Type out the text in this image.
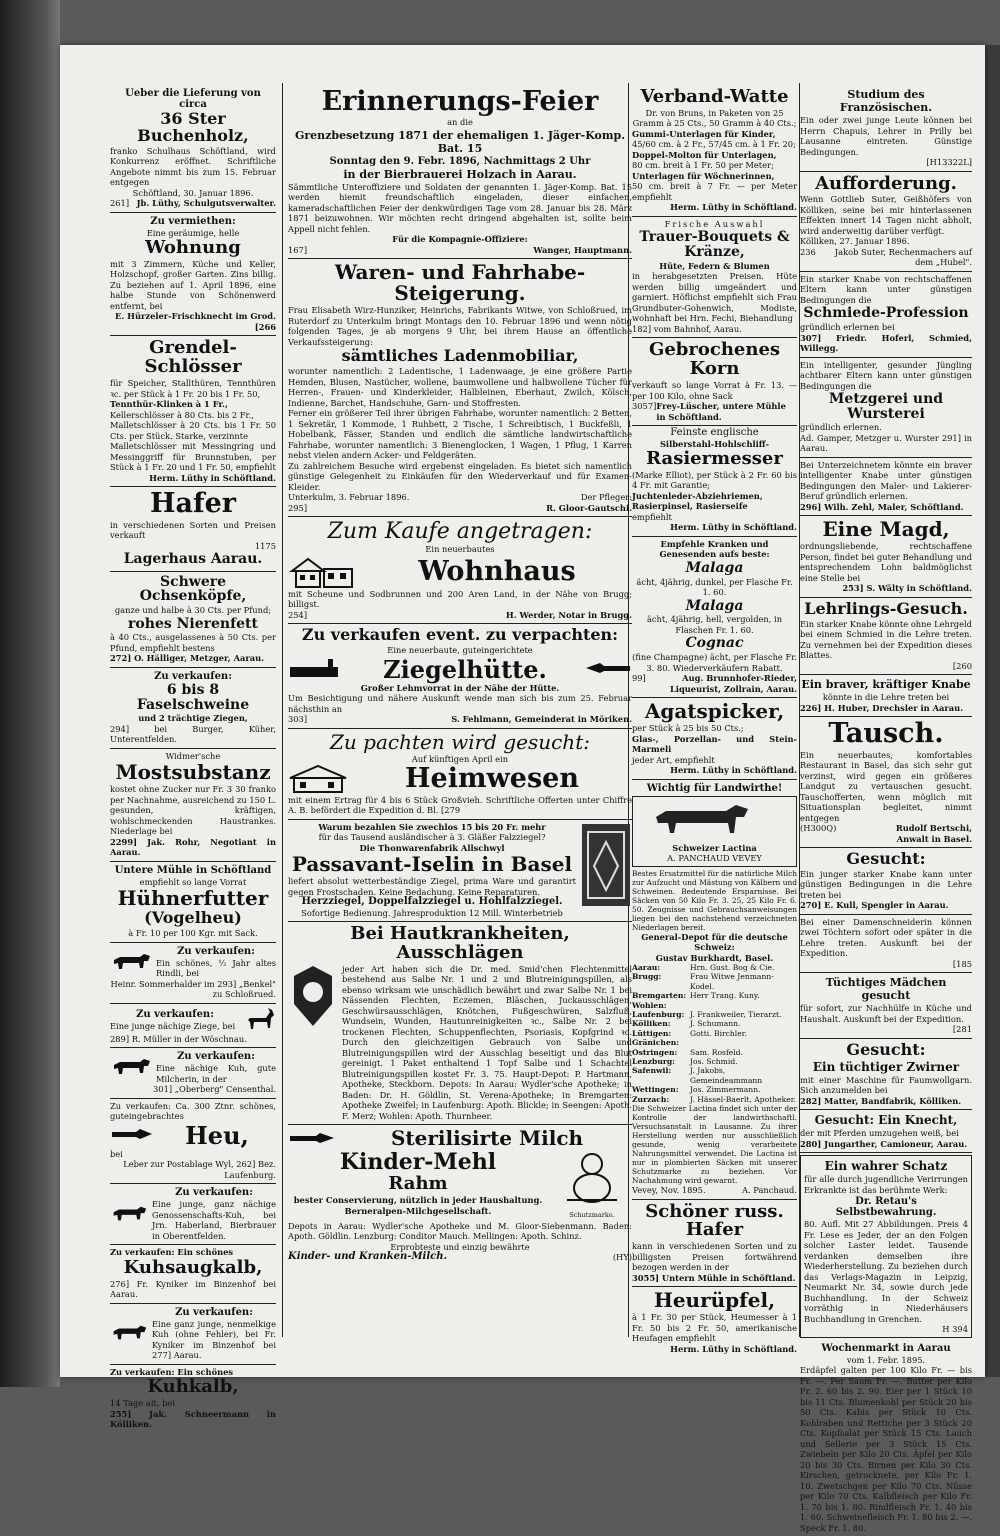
Ueber die Lieferung von circa

36 Ster Buchenholz,

franko Schulhaus Schöftland, wird Konkurrenz eröffnet. Schriftliche Angebote nimmt bis zum 15. Februar entgegen

Schöftland, 30. Januar 1896.

261] Jb. Lüthy, Schulgutsverwalter.

Zu vermiethen:

Eine geräumige, helle

Wohnung

mit 3 Zimmern, Küche und Keller, Holzschopf, großer Garten. Zins billig. Zu beziehen auf 1. April 1896, eine halbe Stunde von Schönenwerd entfernt, bei

E. Hürzeler-Frischknecht im Grod. [266

Grendel-Schlösser

für Speicher, Stallthüren, Tennthüren ꝛc. per Stück à 1 Fr. 20 bis 1 Fr. 50,

Tennthür-Klinken à 1 Fr.,

Kellerschlösser à 80 Cts. bis 2 Fr.,

Malletschlösser à 20 Cts. bis 1 Fr. 50 Cts. per Stück. Starke, verzinnte

Malletschlösser mit Messingring und Messinggriff für Brunnstuben, per Stück à 1 Fr. 20 und 1 Fr. 50, empfiehlt

Herm. Lüthy in Schöftland.

Hafer

in verschiedenen Sorten und Preisen verkauft

1175

Lagerhaus Aarau.

Schwere Ochsenköpfe,

ganze und halbe à 30 Cts. per Pfund;

rohes Nierenfett

à 40 Cts., ausgelassenes à 50 Cts. per Pfund, empfiehlt bestens

272] O. Hälliger, Metzger, Aarau.

Zu verkaufen:

6 bis 8 Faselschweine

und 2 trächtige Ziegen,

294] bei Burger, Küher, Unterentfelden.

Widmer'sche

Mostsubstanz

kostet ohne Zucker nur Fr. 3 30 franko per Nachnahme, ausreichend zu 150 L. gesunden, kräftigen, wohlschmeckenden Haustrankes. Niederlage bei

2299] Jak. Rohr, Negotiant in Aarau.

Untere Mühle in Schöftland

empfiehlt so lange Vorrat

Hühnerfutter

(Vogelheu)

à Fr. 10 per 100 Kgr. mit Sack.

Zu verkaufen:

Ein schönes, ½ Jahr altes Rindli, bei

Heinr. Sommerhalder im 293] „Benkel" zu Schloßrued.

Zu verkaufen:

Eine junge nächige Ziege, bei

289] R. Müller in der Wöschnau.

Zu verkaufen:

Eine nächige Kuh, gute Milcherin, in der

301] „Oberberg" Censenthal.

Zu verkaufen: Ca. 300 Ztnr. schönes, guteingebrachtes

Heu,

bei

Leber zur Postablage Wyl, 262] Bez. Laufenburg.

Zu verkaufen:

Eine junge, ganz nächige Genossenschafts-Kuh, bei Jrn. Haberland, Bierbrauer in Oberentfelden.

Zu verkaufen: Ein schönes

Kuhsaugkalb,

276] Fr. Kyniker im Binzenhof bei Aarau.

Zu verkaufen:

Eine ganz junge, nenmelkige Kuh (ohne Fehler), bei Fr. Kyniker im Binzenhof bei 277] Aarau.

Zu verkaufen: Ein schönes

Kuhkalb,

14 Tage alt, bei

255] Jak. Schneermann in Kölliken.

Erinnerungs-Feier

an die

Grenzbesetzung 1871 der ehemaligen 1. Jäger-Komp. Bat. 15

Sonntag den 9. Febr. 1896, Nachmittags 2 Uhr

in der Bierbrauerei Holzach in Aarau.

Sämmtliche Unteroffiziere und Soldaten der genannten 1. Jäger-Komp. Bat. 15 werden hiemit freundschaftlich eingeladen, dieser einfachen, kameradschaftlichen Feier der denkwürdigen Tage vom 28. Januar bis 28. März 1871 beizuwohnen. Wir möchten recht dringend abgehalten ist, sollte beim Appell nicht fehlen.

Für die Kompagnie-Offiziere:

167]	Wanger, Hauptmann.

Waren- und Fahrhabe-Steigerung.

Frau Elisabeth Wirz-Hunziker, Heinrichs, Fabrikants Witwe, von Schloßrued, im Ruterdorf zu Unterkulm bringt Montags den 10. Februar 1896 und wenn nötig folgenden Tages, je ab morgens 9 Uhr, bei ihrem Hause an öffentliche Verkaufssteigerung:

sämtliches Ladenmobiliar,

worunter namentlich: 2 Ladentische, 1 Ladenwaage, je eine größere Partie Hemden, Blusen, Nastücher, wollene, baumwollene und halbwollene Tücher für Herren-, Frauen- und Kinderkleider, Halbleinen, Eberhaut, Zwilch, Kölsch, Indienne, Barchet, Handschuhe, Garn- und Stoffresten.

Ferner ein größerer Teil ihrer übrigen Fahrhabe, worunter namentlich: 2 Betten, 1 Sekretär, 1 Kommode, 1 Ruhbett, 2 Tische, 1 Schreibtisch, 1 Buckfeßli, 1 Hobelbank, Fässer, Standen und endlich die sämtliche landwirtschaftliche Fahrhabe, worunter namentlich: 3 Bienenglocken, 1 Wagen, 1 Pflug, 1 Karren nebst vielen andern Acker- und Feldgeräten.

Zu zahlreichem Besuche wird ergebenst eingeladen. Es bietet sich namentlich günstige Gelegenheit zu Einkäufen für den Wiederverkauf und für Examen-Kleider.

Unterkulm, 3. Februar 1896.	Der Pfleger:
295]	R. Gloor-Gautschi.

Zum Kaufe angetragen:

Ein neuerbautes

Wohnhaus

mit Scheune und Sodbrunnen und 200 Aren Land, in der Nähe von Brugg; billigst.

254]	H. Werder, Notar in Brugg.

Zu verkaufen event. zu verpachten:

Eine neuerbaute, guteingerichtete

Ziegelhütte.

Großer Lehmvorrat in der Nähe der Hütte.

Um Besichtigung und nähere Auskunft wende man sich bis zum 25. Februar nächsthin an

303]	S. Fehlmann, Gemeinderat in Möriken.

Zu pachten wird gesucht:

Auf künftigen April ein

Heimwesen

mit einem Ertrag für 4 bis 6 Stück Großvieh. Schriftliche Offerten unter Chiffre A. B. befördert die Expedition d. Bl. [279

Warum bezahlen Sie zwechlos 15 bis 20 Fr. mehr

für das Tausend ausländischer à 3. Gläßer Falzziegel?

Die Thonwarenfabrik Allschwyl

Passavant-Iselin in Basel

liefert absolut wetterbeständige Ziegel, prima Ware und garantirt gegen Frostschaden. Keine Bedachung. Keine Reparaturen.

Herzziegel, Doppelfalzziegel u. Hohlfalzziegel.

Sofortige Bedienung. Jahresproduktion 12 Mill. Winterbetrieb

Bei Hautkrankheiten, Ausschlägen

jeder Art haben sich die Dr. med. Smid'chen Flechtenmittel bestehend aus Salbe Nr. 1 und 2 und Blutreinigungspillen, als ebenso wirksam wie unschädlich bewährt und zwar Salbe Nr. 1 bei Nässenden Flechten, Eczemen, Bläschen, Juckausschlägen, Geschwürsausschlägen, Knötchen, Fußgeschwüren, Salzfluß, Wundsein, Wunden, Hautunreinigkeiten ꝛc., Salbe Nr. 2 bei trockenen Flechten, Schuppenflechten, Psoriasis, Kopfgrind ꝛc. Durch den gleichzeitigen Gebrauch von Salbe und Blutreinigungspillen wird der Ausschlag beseitigt und das Blut gereinigt. 1 Paket enthaltend 1 Topf Salbe und 1 Schachtel Blutreinigungspillen kostet Fr. 3. 75. Haupt-Depot: P. Hartmann, Apotheke, Steckborn. Depots: In Aarau: Wydler'sche Apotheke; in Baden: Dr. H. Göldlin, St. Verena-Apotheke; in Bremgarten: Apotheke Zweifel; in Laufenburg: Apoth. Blickle; in Seengen: Apoth. F. Merz; Wohlen: Apoth. Thurnheer.

Sterilisirte Milch

Kinder-Mehl

Rahm

bester Conservierung, nützlich in jeder Haushaltung.

Berneralpen-Milchgesellschaft.	Schutzmarke.

Depots in Aarau: Wydler'sche Apotheke und M. Gloor-Siebenmann. Baden: Apoth. Göldlin. Lenzburg: Conditor Mauch. Mellingen: Apoth. Schinz.

Erprobteste und einzig bewährte

Kinder- und Kranken-Milch.	(HY)

Verband-Watte

Dr. von Bruns, in Paketen von 25 Gramm à 25 Cts., 50 Gramm à 40 Cts.;

Gummi-Unterlagen für Kinder,

45/60 cm. à 2 Fr., 57/45 cm. à 1 Fr. 20;

Doppel-Molton für Unterlagen,

80 cm. breit à 1 Fr. 50 per Meter;

Unterlagen für Wöchnerinnen,

50 cm. breit à 7 Fr. — per Meter empfiehlt

Herm. Lüthy in Schöftland.

Frische Auswahl

Trauer-Bouquets & Kränze,

Hüte, Federn & Blumen

in herabgesetzten Preisen. Hüte werden billig umgeändert und garniert. Höflichst empfiehlt sich Frau Grundbuter-Gohenwich, Modiste, wohnhaft bei Hrn. Fechi, Biehandlung

182] vom Bahnhof, Aarau.

Gebrochenes Korn

verkauft so lange Vorrat à Fr. 13. — per 100 Kilo, ohne Sack

3057] Frey-Lüscher, untere Mühle in Schöftland.

Feinste englische

Silberstahl-Hohlschliff-

Rasiermesser

(Marke Elliot), per Stück à 2 Fr. 60 bis 4 Fr. mit Garantie;

Juchtenleder-Abziehriemen, Rasierpinsel, Rasierseife

empfiehlt

Herm. Lüthy in Schöftland.

Empfehle Kranken und Genesenden aufs beste:

Malaga

ächt, 4jährig, dunkel, per Flasche Fr. 1. 60.

Malaga

ächt, 4jährig, hell, vergolden, in Flaschen Fr. 1. 60.

Cognac

(fine Champagne) ächt, per Flasche Fr. 3. 80. Wiederverkäufern Rabatt.

99]	Aug. Brunnhofer-Rieder, Liqueurist, Zollrain, Aarau.

Agatspicker,

per Stück à 25 bis 50 Cts.;

Glas-, Porzellan- und Stein-Marmeli

jeder Art, empfiehlt

Herm. Lüthy in Schöftland.

Wichtig für Landwirthe!

Schweizer Lactina

A. PANCHAUD VEVEY

Bestes Ersatzmittel für die natürliche Milch zur Aufzucht und Mästung von Kälbern und Schweinen. Bedeutende Ersparnisse. Bei Säcken von 50 Kilo Fr. 3. 25, 25 Kilo Fr. 6. 50. Zeugnisse und Gebrauchsanweisungen liegen bei den nachstehend verzeichneten Niederlagen bereit.

General-Depot für die deutsche Schweiz:

Gustav Burkhardt, Basel.

Aarau:	Hrn. Gust. Bog & Cie.
Brugg:	Frau Witwe Jenmann-Kodel.
Bremgarten: Herr Trang. Kuny.
Wohlen:
Laufenburg: J. Frankweiler, Tierarzt.
Kölliken:	J. Schumann.
Lüttigen:	Gotti. Birchler.
Gränichen:
Ostringen:	Sam. Rosfeld.
Lenzburg:	Jos. Schmid.
Safenwil:	J. Jakobs, Gemeindeammann
Wettingen:	Jos. Zimmermann.
Zurzach:	J. Hässel-Baerlt, Apotheker.

Die Schweizer Lactina findet sich unter der Kontrolle der landwirthschaftl. Versuchsanstalt in Lausanne. Zu ihrer Herstellung werden nur ausschließlich gesunde, wenig verarbeitete Nahrungsmittel verwendet. Die Lactina ist nur in plombierten Säcken mit unserer Schutzmarke zu beziehen. Vor Nachahmung wird gewarnt.

Vevey, Nov. 1895.	A. Panchaud.

Schöner russ. Hafer

kann in verschiedenen Sorten und zu billigsten Preisen fortwährend bezogen werden in der

3055] Untern Mühle in Schöftland.

Heurüpfel,

à 1 Fr. 30 per Stück, Heumesser à 1 Fr. 50 bis 2 Fr. 50, amerikanische Heufagen empfiehlt

Herm. Lüthy in Schöftland.

Studium des Französischen.

Ein oder zwei junge Leute können bei Herrn Chapuis, Lehrer in Prilly bei Lausanne eintreten. Günstige Bedingungen.

[H13322L]

Aufforderung.

Wenn Gottlieb Suter, Geißhöfers von Kölliken, seine bei mir hinterlassenen Effekten innert 14 Tagen nicht abholt, wird anderweitig darüber verfügt.

Kölliken, 27. Januar 1896.

236	Jakob Suter, Rechenmachers auf dem „Hubel".

Ein starker Knabe von rechtschaffenen Eltern kann unter günstigen Bedingungen die

Schmiede-Profession

gründlich erlernen bei

307] Friedr. Hoferl, Schmied, Willegg.

Ein intelligenter, gesunder Jüngling achtbarer Eltern kann unter günstigen Bedingungen die

Metzgerei und Wursterei

gründlich erlernen.

Ad. Gamper, Metzger u. Wurster 291] in Aarau.

Bei Unterzeichnetem könnte ein braver intelligenter Knabe unter günstigen Bedingungen den Maler- und Lakierer-Beruf gründlich erlernen.

296] Wilh. Zehl, Maler, Schöftland.

Eine Magd,

ordnungsliebende, rechtschaffene Person, findet bei guter Behandlung und entsprechendem Lohn baldmöglichst eine Stelle bei

253] S. Wälty in Schöftland.

Lehrlings-Gesuch.

Ein starker Knabe könnte ohne Lehrgeld bei einem Schmied in die Lehre treten. Zu vernehmen bei der Expedition dieses Blattes.

[260

Ein braver, kräftiger Knabe

könnte in die Lehre treten bei

226] H. Huber, Drechsler in Aarau.

Tausch.

Ein neuerbautes, komfortables Restaurant in Basel, das sich sehr gut verzinst, wird gegen ein größeres Landgut zu vertauschen gesucht. Tauschofferten, wenn möglich mit Situationsplan begleitet, nimmt entgegen

(H300Q)	Rudolf Bertschi, Anwalt in Basel.

Gesucht:

Ein junger starker Knabe kann unter günstigen Bedingungen in die Lehre treten bei

270] E. Kull, Spengler in Aarau.

Bei einer Damenschneiderin können zwei Töchtern sofort oder später in die Lehre treten. Auskunft bei der Expedition.

[185

Tüchtiges Mädchen gesucht

für sofort, zur Nachhülfe in Küche und Haushalt. Auskunft bei der Expedition.

[281

Gesucht:

Ein tüchtiger Zwirner

mit einer Maschine für Faumwollgarn. Sich anzumelden bei

282] Matter, Bandfabrik, Kölliken.

Gesucht: Ein Knecht,

der mit Pferden umzugehen weiß, bei

280] Jungarther, Camioneur, Aarau.

Ein wahrer Schatz

für alle durch jugendliche Verirrungen Erkrankte ist das berühmte Werk:

Dr. Retau's Selbstbewahrung.

80. Aufl. Mit 27 Abbildungen. Preis 4 Fr. Lese es Jeder, der an den Folgen solcher Laster leidet. Tausende verdanken demselben ihre Wiederherstellung. Zu beziehen durch das Verlags-Magazin in Leipzig, Neumarkt Nr. 34, sowie durch jede Buchhandlung. In der Schweiz vorräthig in Niederhäusers Buchhandlung in Grenchen.

H 394

Wochenmarkt in Aarau

vom 1. Febr. 1895.

Erdäpfel galten per 100 Kilo Fr. — bis Fr. —. Per Saum Fr. —. Butter per Kilo Fr. 2. 60 bis 2. 90. Eier per 1 Stück 10 bis 11 Cts. Blumenkohl per Stück 20 bis 50 Cts. Kabis per Stück 10 Cts. Kohlraben und Rettiche per 3 Stück 20 Cts. Kopfsalat per Stück 15 Cts. Lauch und Sellerie per 3 Stück 15 Cts. Zwiebeln per Kilo 20 Cts. Äpfel per Kilo 20 bis 30 Cts. Birnen per Kilo 30 Cts. Kirschen, getrocknete, per Kilo Fr. 1. 10. Zwetschgen per Kilo 70 Cts. Nüsse per Kilo 70 Cts. Kalbfleisch per Kilo Fr. 1. 70 bis 1. 80. Rindfleisch Fr. 1. 40 bis 1. 60. Schweinefleisch Fr. 1. 80 bis 2. —. Speck Fr. 1. 80.
